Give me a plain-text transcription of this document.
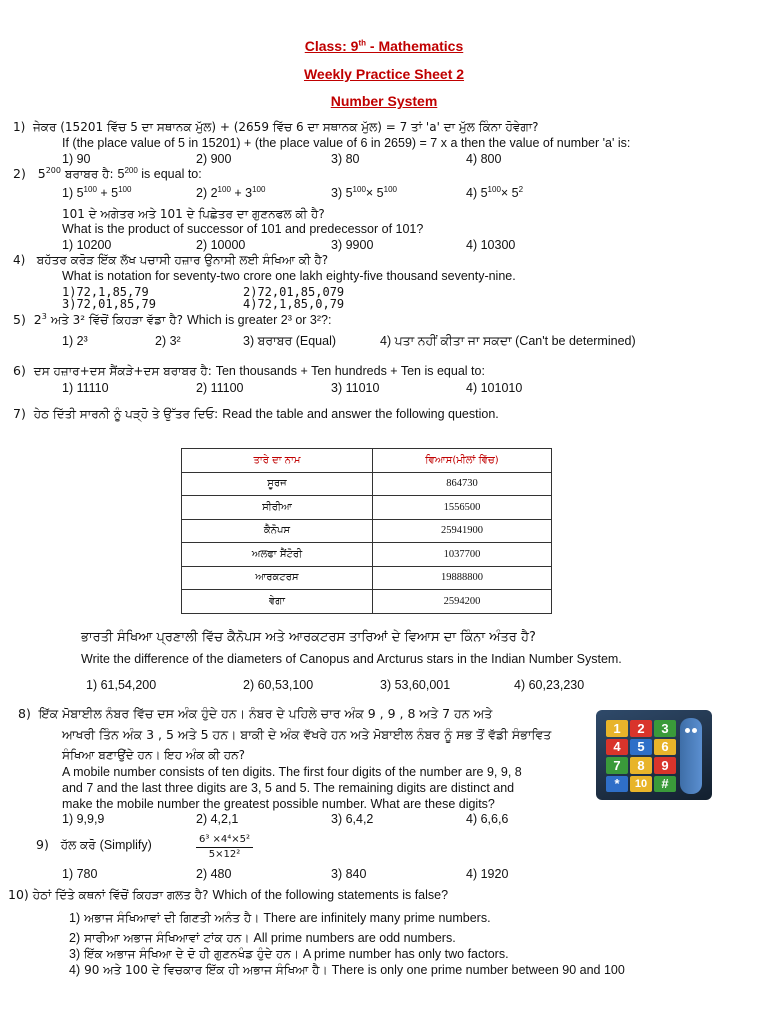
Class: 9th - Mathematics
Weekly Practice Sheet 2
Number System
1) ਜੇਕਰ (15201 ਵਿੱਚ 5 ਦਾ ਸਥਾਨਕ ਮੁੱਲ) + (2659 ਵਿੱਚ 6 ਦਾ ਸਥਾਨਕ ਮੁੱਲ) = 7 ਤਾਂ 'a' ਦਾ ਮੁੱਲ ਕਿੰਨਾ ਹੋਵੇਗਾ?
If (the place value of 5 in 15201) + (the place value of 6 in 2659) = 7 x a then the value of number 'a' is:
1) 90	2) 900	3) 80	4) 800
2)   $5^{200}$ ਬਰਾਬਰ ਹੈ: $5^{200}$ is equal to:
1) $5^{100} + 5^{100}$	2) $2^{100} + 3^{100}$	3) $5^{100}\times 5^{100}$	4) $5^{100}\times 5^2$
101 ਦੇ ਅਗੇਤਰ ਅਤੇ 101 ਦੇ ਪਿਛੇਤਰ ਦਾ ਗੁਣਨਫਲ ਕੀ ਹੈ?
What is the product of successor of 101 and predecessor of 101?
1) 10200	2) 10000	3) 9900	4) 10300
4) ਬਹੱਤਰ ਕਰੋੜ ਇੱਕ ਲੱਖ ਪਚਾਸੀ ਹਜ਼ਾਰ ਉਨਾਸੀ ਲਈ ਸੰਖਿਆ ਕੀ ਹੈ?
What is notation for seventy-two crore one lakh eighty-five thousand seventy-nine.
1)72,1,85,79	2)72,01,85,079
3)72,01,85,79	4)72,1,85,0,79
5)  $2^3$ ਅਤੇ 3² ਵਿੱਚੋਂ ਕਿਹੜਾ ਵੱਡਾ ਹੈ? Which is greater 2³ or 3²?:
1) 2³	2) 3²	3) ਬਰਾਬਰ (Equal)	4) ਪਤਾ ਨਹੀਂ ਕੀਤਾ ਜਾ ਸਕਦਾ (Can't be determined)
6) ਦਸ ਹਜ਼ਾਰ+ਦਸ ਸੈਂਕੜੇ+ਦਸ ਬਰਾਬਰ ਹੈ: Ten thousands + Ten hundreds + Ten is equal to:
1) 11110	2) 11100	3) 11010	4) 101010
7) ਹੇਠ ਦਿੱਤੀ ਸਾਰਨੀ ਨੂੰ ਪੜ੍ਹੋ ਤੇ ਉੱਤਰ ਦਿਓ: Read the table and answer the following question.
ਤਾਰੇ ਦਾ ਨਾਮ	ਵਿਆਸ(ਮੀਲਾਂ ਵਿੱਚ)
ਸੂਰਜ	864730
ਸੀਰੀਆ	1556500
ਕੈਨੋਪਸ	25941900
ਅਲਫਾ ਸੈਂਟੋਰੀ	1037700
ਆਰਕਟਰਸ	19888800
ਵੇਗਾ	2594200
ਭਾਰਤੀ ਸੰਖਿਆ ਪ੍ਰਣਾਲੀ ਵਿੱਚ ਕੈਨੋਪਸ ਅਤੇ ਆਰਕਟਰਸ ਤਾਰਿਆਂ ਦੇ ਵਿਆਸ ਦਾ ਕਿੰਨਾ ਅੰਤਰ ਹੈ?
Write the difference of the diameters of Canopus and Arcturus stars in the Indian Number System.
1) 61,54,200	2) 60,53,100	3) 53,60,001	4) 60,23,230
8) ਇੱਕ ਮੋਬਾਈਲ ਨੰਬਰ ਵਿੱਚ ਦਸ ਅੰਕ ਹੁੰਦੇ ਹਨ। ਨੰਬਰ ਦੇ ਪਹਿਲੇ ਚਾਰ ਅੰਕ 9 , 9 , 8 ਅਤੇ 7 ਹਨ ਅਤੇ
ਆਖਰੀ ਤਿੰਨ ਅੰਕ 3 , 5 ਅਤੇ 5 ਹਨ। ਬਾਕੀ ਦੇ ਅੰਕ ਵੱਖਰੇ ਹਨ ਅਤੇ ਮੋਬਾਈਲ ਨੰਬਰ ਨੂੰ ਸਭ ਤੋਂ ਵੱਡੀ ਸੰਭਾਵਿਤ
ਸੰਖਿਆ ਬਣਾਉਂਦੇ ਹਨ। ਇਹ ਅੰਕ ਕੀ ਹਨ?
A mobile number consists of ten digits. The first four digits of the number are 9, 9, 8
and 7 and the last three digits are 3, 5 and 5. The remaining digits are distinct and
make the mobile number the greatest possible number. What are these digits?
1) 9,9,9	2) 4,2,1	3) 6,4,2	4) 6,6,6
1	2	3
4	5	6
7	8	9
*	10	#
9) ਹੱਲ ਕਰੋ (Simplify)	$\frac{\text{6³ ×4⁴×5²}}{\text{5×12²}}$
1) 780	2) 480	3) 840	4) 1920
10) ਹੇਠਾਂ ਦਿੱਤੇ ਕਥਨਾਂ ਵਿੱਚੋਂ ਕਿਹੜਾ ਗਲਤ ਹੈ? Which of the following statements is false?
1) ਅਭਾਜ ਸੰਖਿਆਵਾਂ ਦੀ ਗਿਣਤੀ ਅਨੰਤ ਹੈ। There are infinitely many prime numbers.
2) ਸਾਰੀਆ ਅਭਾਜ ਸੰਖਿਆਵਾਂ ਟਾਂਕ ਹਨ। All prime numbers are odd numbers.
3) ਇੱਕ ਅਭਾਜ ਸੰਖਿਆ ਦੇ ਦੋ ਹੀ ਗੁਣਨਖੰਡ ਹੁੰਦੇ ਹਨ। A prime number has only two factors.
4) 90 ਅਤੇ 100 ਦੇ ਵਿਚਕਾਰ ਇੱਕ ਹੀ ਅਭਾਜ ਸੰਖਿਆ ਹੈ। There is only one prime number between 90 and 100
